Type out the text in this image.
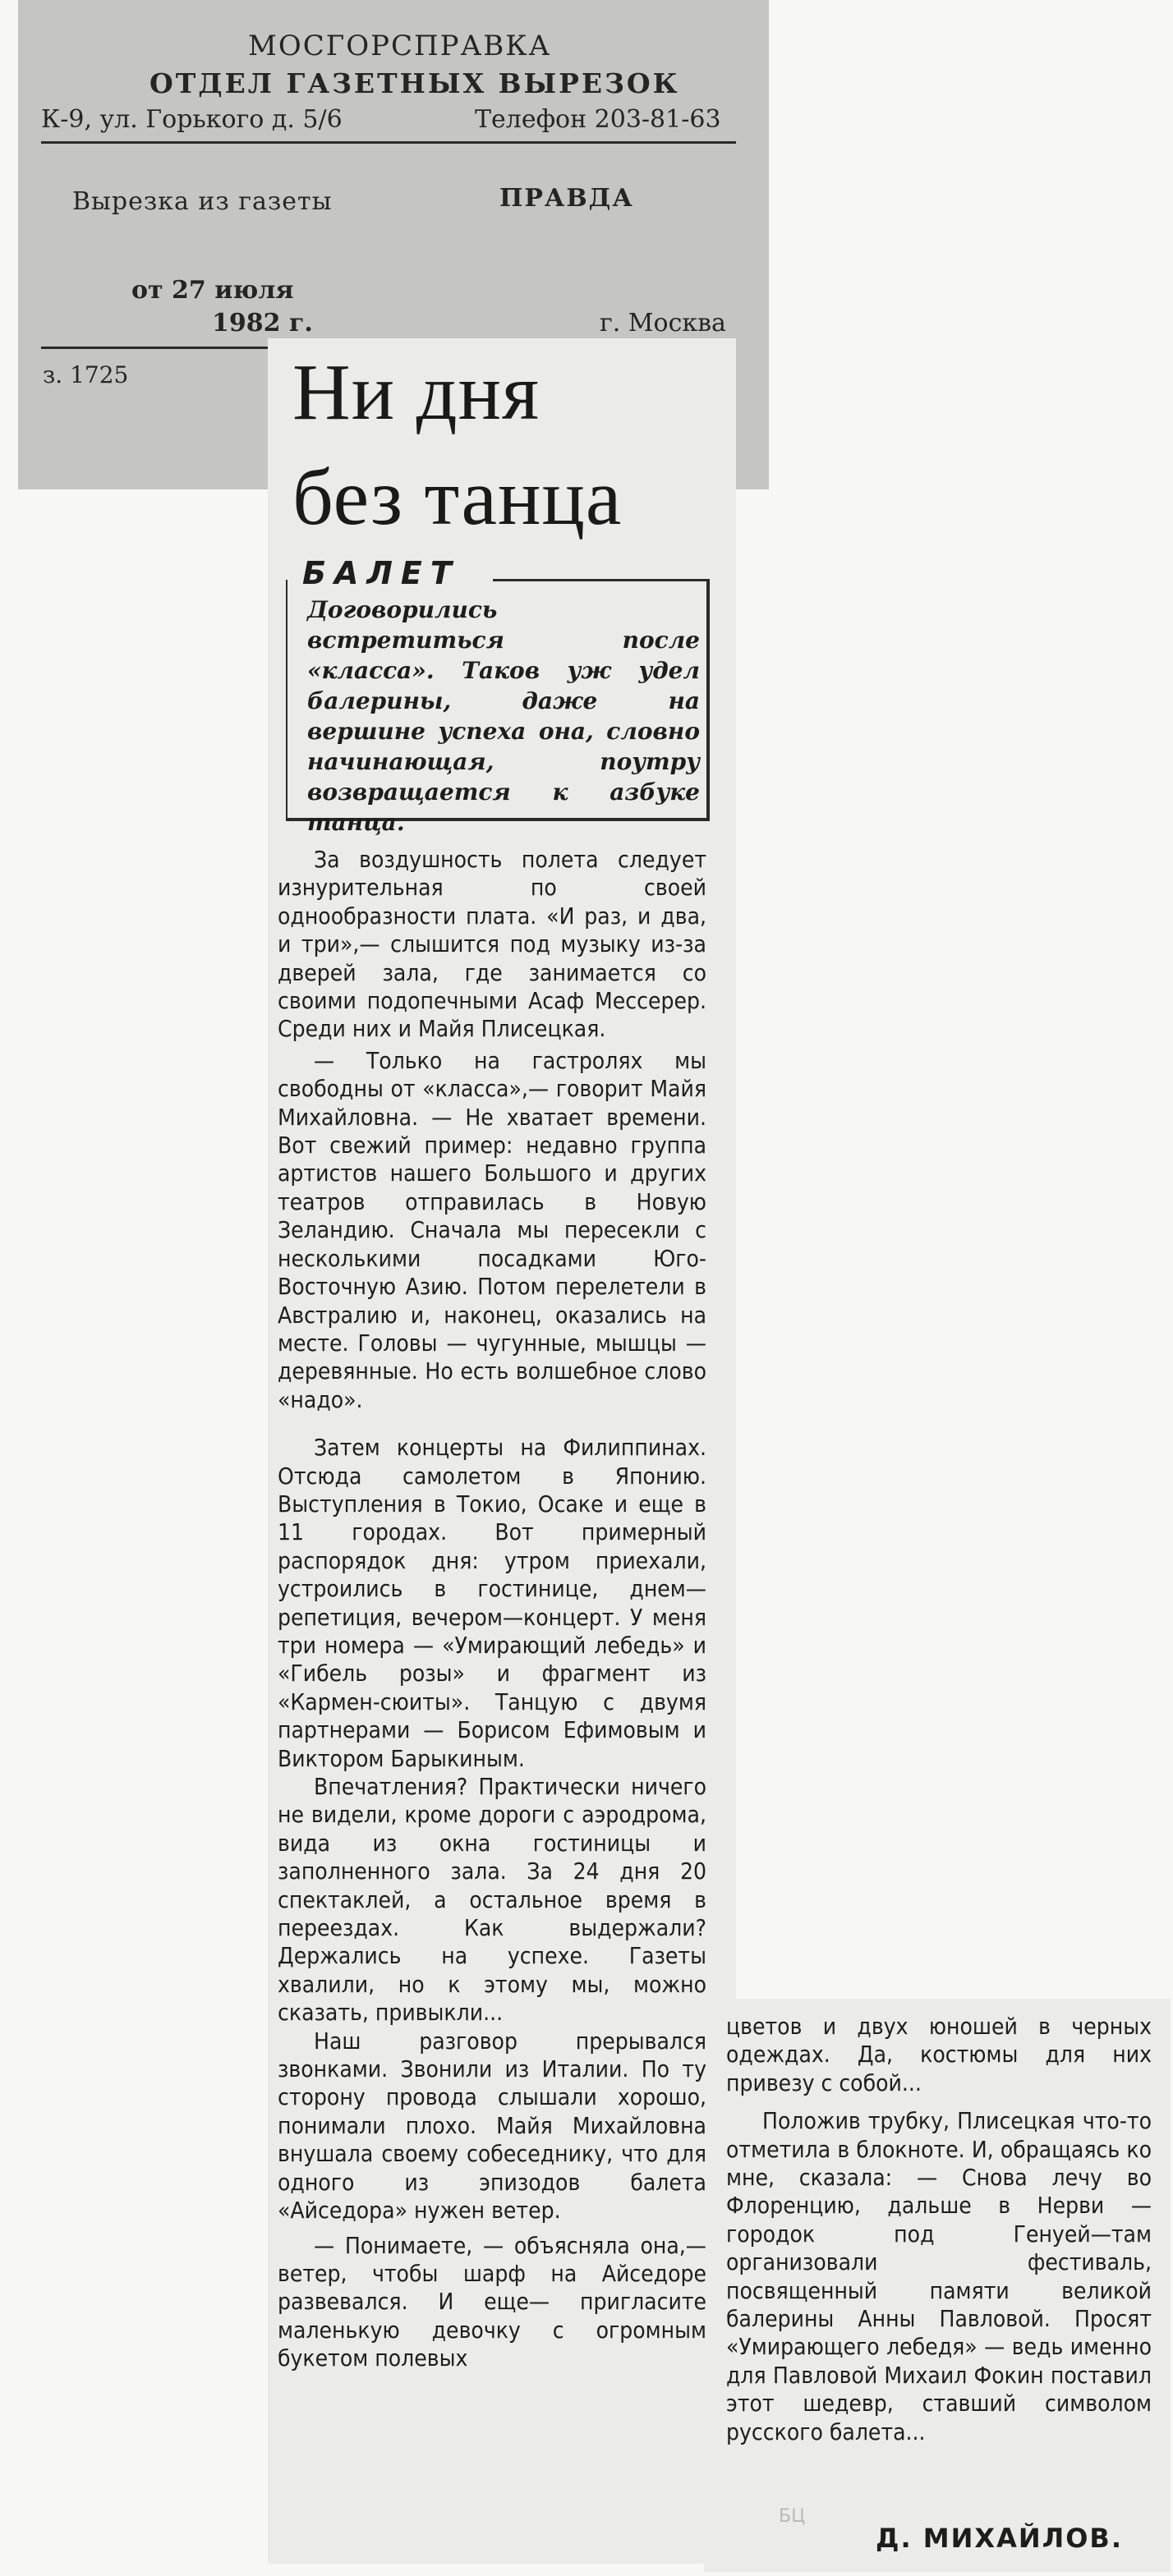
МОСГОРСПРАВКА
ОТДЕЛ ГАЗЕТНЫХ ВЫРЕЗОК
К-9, ул. Горького д. 5/6	Телефон 203-81-63
Вырезка из газеты	ПРАВДА
от 27 июля
1982 г.	г. Москва
з. 1725 Ни дня
без танца
БАЛЕТ
Договорились встретиться после «класса». Таков уж удел балерины, даже на вершине успеха она, словно начинающая, поутру возвращается к азбуке танца.

За воздушность полета следует изнурительная по своей однообразности плата. «И раз, и два, и три»,— слышится под музыку из-за дверей зала, где занимается со своими подопечными Асаф Мессерер. Среди них и Майя Плисецкая.

— Только на гастролях мы свободны от «класса»,— говорит Майя Михайловна. — Не хватает времени. Вот свежий пример: недавно группа артистов нашего Большого и других театров отправилась в Новую Зеландию. Сначала мы пересекли с несколькими посадками Юго-Восточную Азию. Потом перелетели в Австралию и, наконец, оказались на месте. Головы — чугунные, мышцы — деревянные. Но есть волшебное слово «надо».

Затем концерты на Филиппинах. Отсюда самолетом в Японию. Выступления в Токио, Осаке и еще в 11 городах. Вот примерный распорядок дня: утром приехали, устроились в гостинице, днем—репетиция, вечером—концерт. У меня три номера — «Умирающий лебедь» и «Гибель розы» и фрагмент из «Кармен-сюиты». Танцую с двумя партнерами — Борисом Ефимовым и Виктором Барыкиным.

Впечатления? Практически ничего не видели, кроме дороги с аэродрома, вида из окна гостиницы и заполненного зала. За 24 дня 20 спектаклей, а остальное время в переездах. Как выдержали? Держались на успехе. Газеты хвалили, но к этому мы, можно сказать, привыкли...

Наш разговор прерывался звонками. Звонили из Италии. По ту сторону провода слышали хорошо, понимали плохо. Майя Михайловна внушала своему собеседнику, что для одного из эпизодов балета «Айседора» нужен ветер.

— Понимаете, — объясняла она,—ветер, чтобы шарф на Айседоре развевался. И еще— пригласите маленькую девочку с огромным букетом полевых

цветов и двух юношей в черных одеждах. Да, костюмы для них привезу с собой...

Положив трубку, Плисецкая что-то отметила в блокноте. И, обращаясь ко мне, сказала: — Снова лечу во Флоренцию, дальше в Нерви — городок под Генуей—там организовали фестиваль, посвященный памяти великой балерины Анны Павловой. Просят «Умирающего лебедя» — ведь именно для Павловой Михаил Фокин поставил этот шедевр, ставший символом русского балета...

БЦ
Д. МИХАЙЛОВ.
